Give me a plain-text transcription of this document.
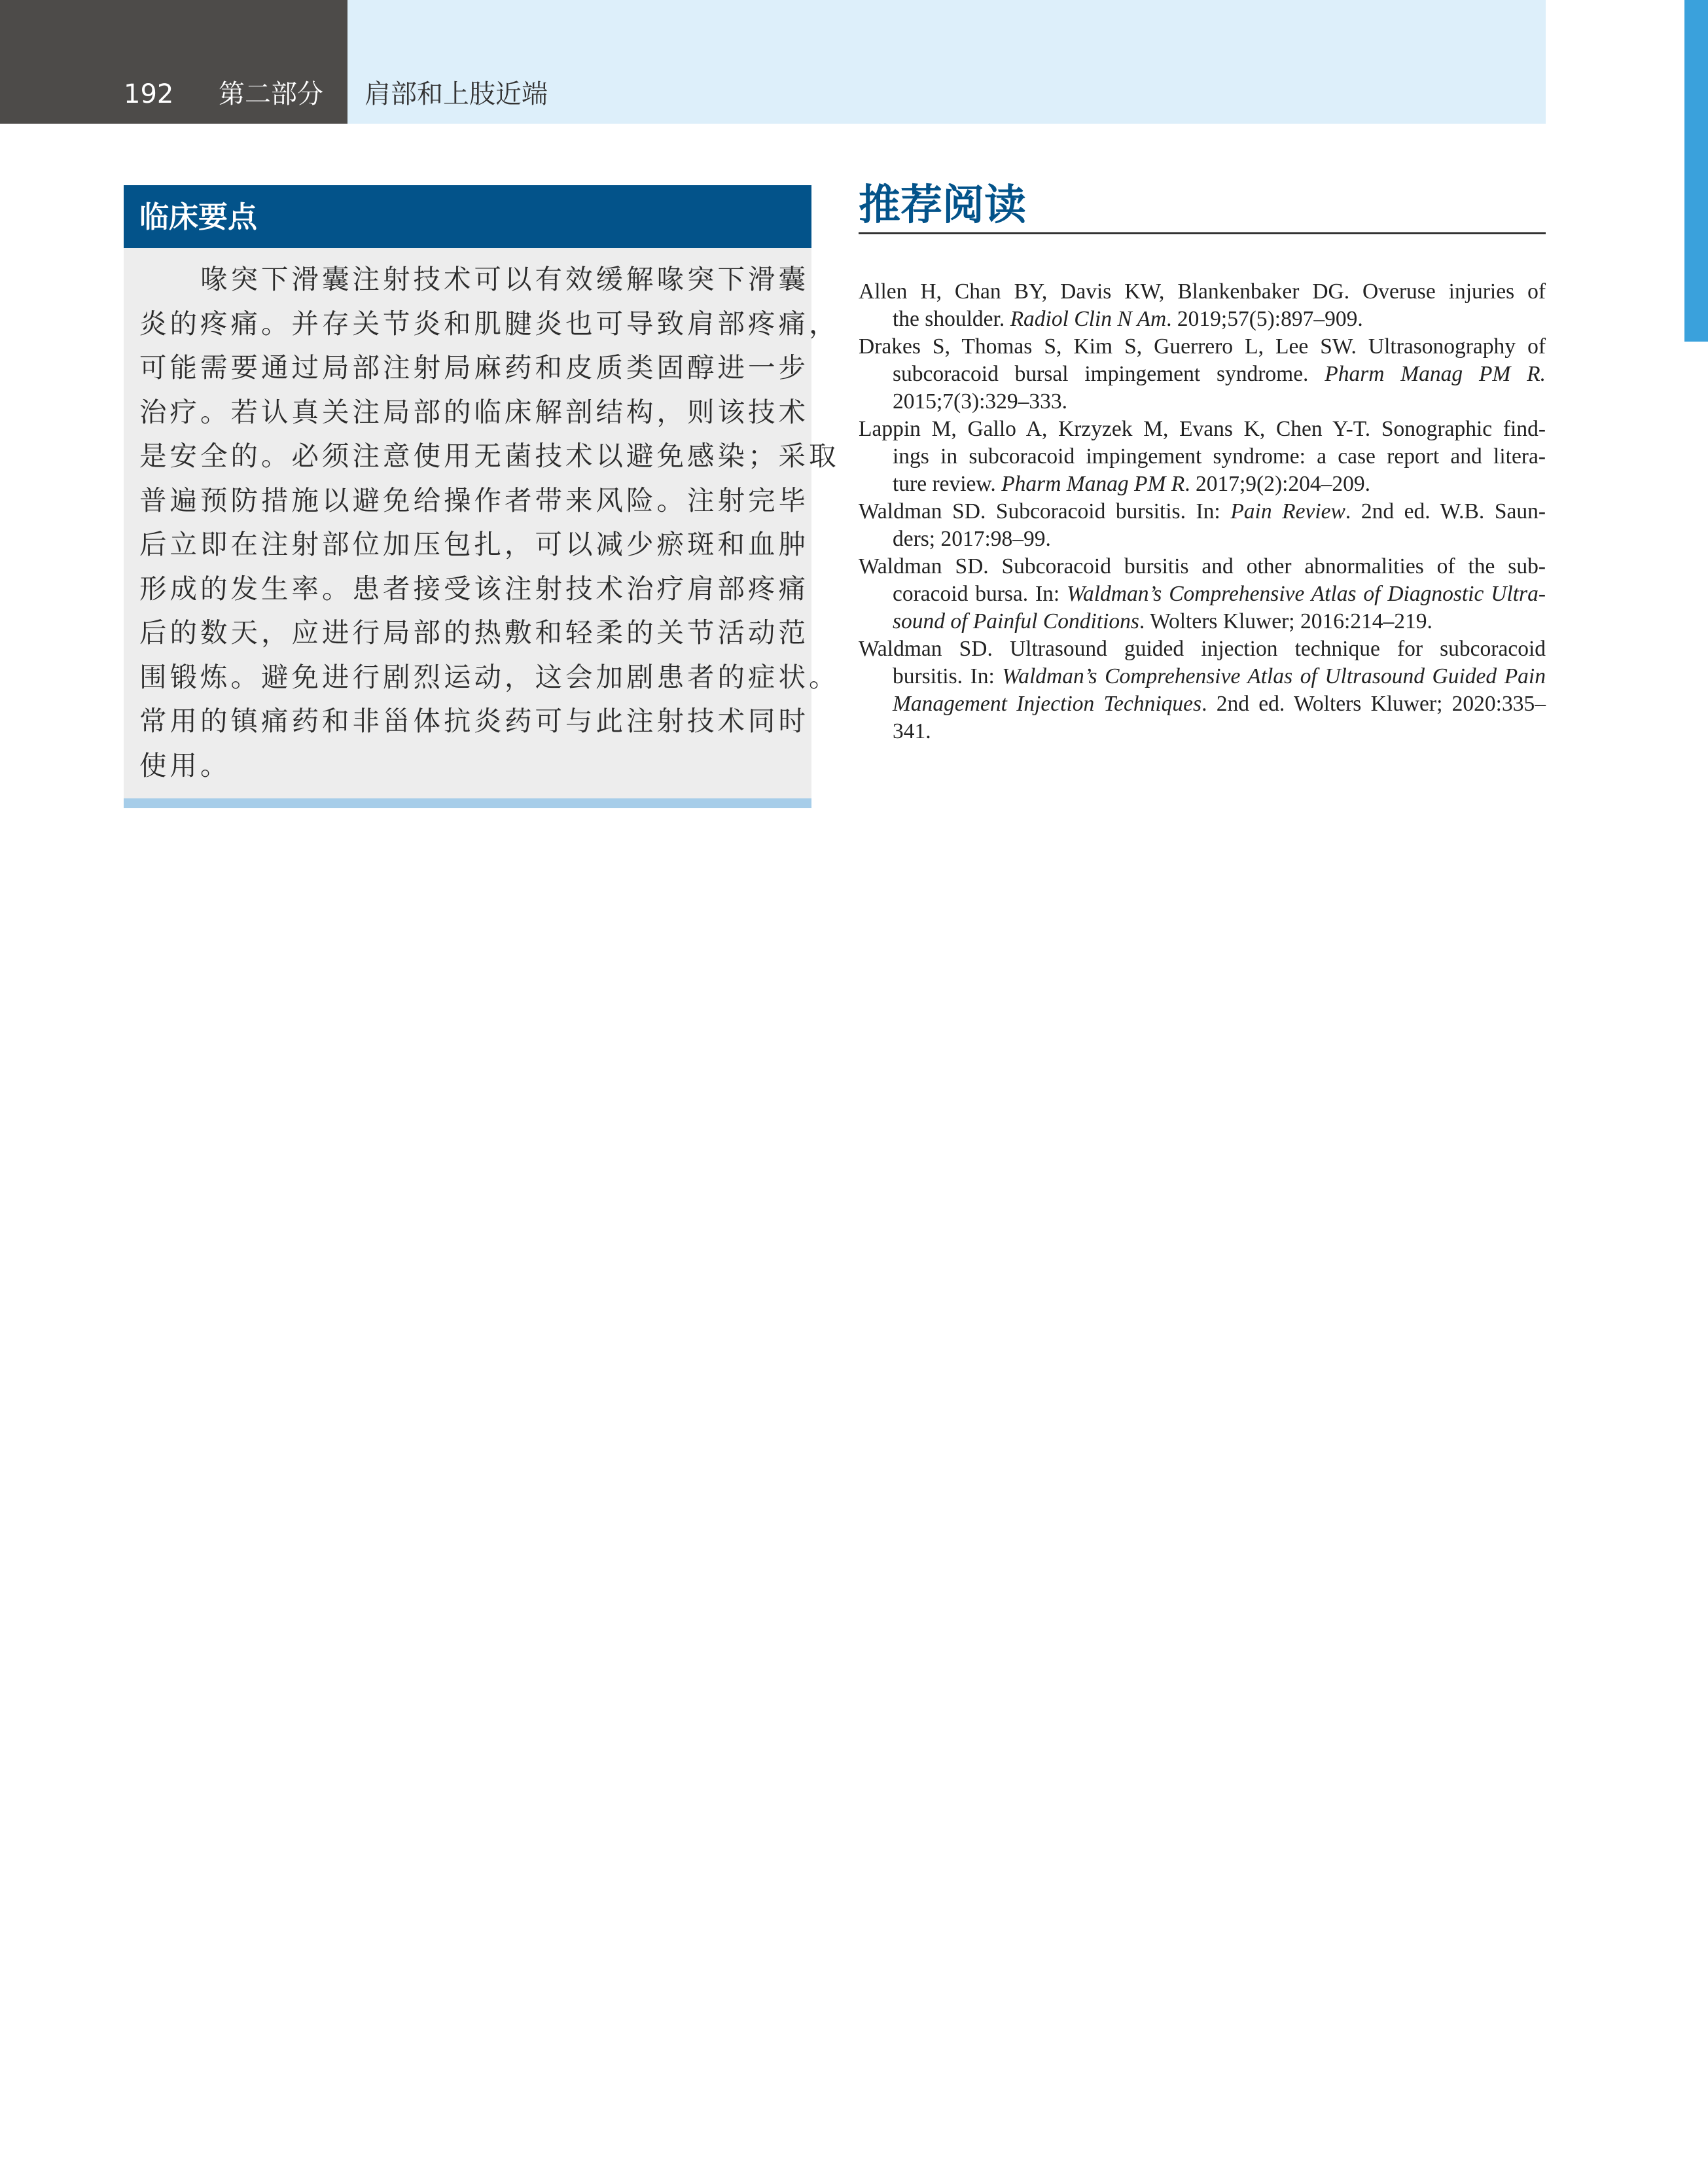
192 第二部分 肩部和上肢近端
临床要点
　　喙突下滑囊注射技术可以有效缓解喙突下滑囊
炎的疼痛。并存关节炎和肌腱炎也可导致肩部疼痛，
可能需要通过局部注射局麻药和皮质类固醇进一步
治疗。若认真关注局部的临床解剖结构，则该技术
是安全的。必须注意使用无菌技术以避免感染；采取
普遍预防措施以避免给操作者带来风险。注射完毕
后立即在注射部位加压包扎，可以减少瘀斑和血肿
形成的发生率。患者接受该注射技术治疗肩部疼痛
后的数天，应进行局部的热敷和轻柔的关节活动范
围锻炼。避免进行剧烈运动，这会加剧患者的症状。
常用的镇痛药和非甾体抗炎药可与此注射技术同时
使用。
推荐阅读
Allen H, Chan BY, Davis KW, Blankenbaker DG. Overuse injuries of
the shoulder. Radiol Clin N Am. 2019;57(5):897–909.
Drakes S, Thomas S, Kim S, Guerrero L, Lee SW. Ultrasonography of
subcoracoid bursal impingement syndrome. Pharm Manag PM R.
2015;7(3):329–333.
Lappin M, Gallo A, Krzyzek M, Evans K, Chen Y-T. Sonographic find-
ings in subcoracoid impingement syndrome: a case report and litera-
ture review. Pharm Manag PM R. 2017;9(2):204–209.
Waldman SD. Subcoracoid bursitis. In: Pain Review. 2nd ed. W.B. Saun-
ders; 2017:98–99.
Waldman SD. Subcoracoid bursitis and other abnormalities of the sub-
coracoid bursa. In: Waldman’s Comprehensive Atlas of Diagnostic Ultra-
sound of Painful Conditions. Wolters Kluwer; 2016:214–219.
Waldman SD. Ultrasound guided injection technique for subcoracoid
bursitis. In: Waldman’s Comprehensive Atlas of Ultrasound Guided Pain
Management Injection Techniques. 2nd ed. Wolters Kluwer; 2020:335–
341.
